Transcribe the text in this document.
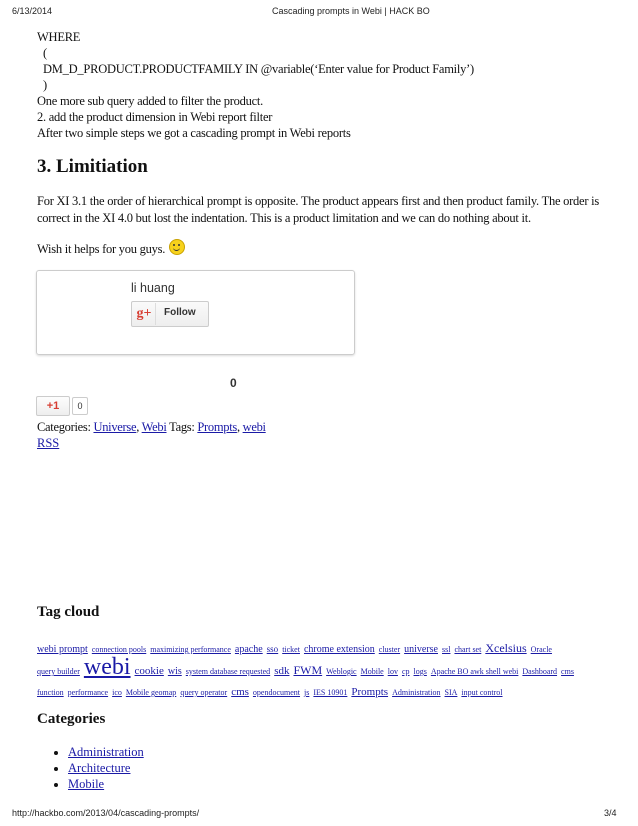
6/13/2014	Cascading prompts in Webi | HACK BO
WHERE
(
DM_D_PRODUCT.PRODUCTFAMILY IN @variable(‘Enter value for Product Family’)
)
One more sub query added to filter the product.
2. add the product dimension in Webi report filter
After two simple steps we got a cascading prompt in Webi reports
3. Limitiation
For XI 3.1 the order of hierarchical prompt is opposite. The product appears first and then product family. The order is correct in the XI 4.0 but lost the indentation. This is a product limitation and we can do nothing about it.
Wish it helps for you guys.
li huang
g+	Follow
0
+1	0
Categories: Universe, Webi Tags: Prompts, webi
RSS
Tag cloud
webi prompt connection pools maximizing performance apache sso ticket chrome extension cluster universe ssl chart set Xcelsius Oracle
query builder webi cookie wis system database requested sdk FWM Weblogic Mobile lov cp logs Apache BO awk shell webi Dashboard cms
function performance ico Mobile geomap query operator cms opendocument js IES 10901 Prompts Administration SIA input control
Categories
• Administration
• Architecture
• Mobile
http://hackbo.com/2013/04/cascading-prompts/	3/4
